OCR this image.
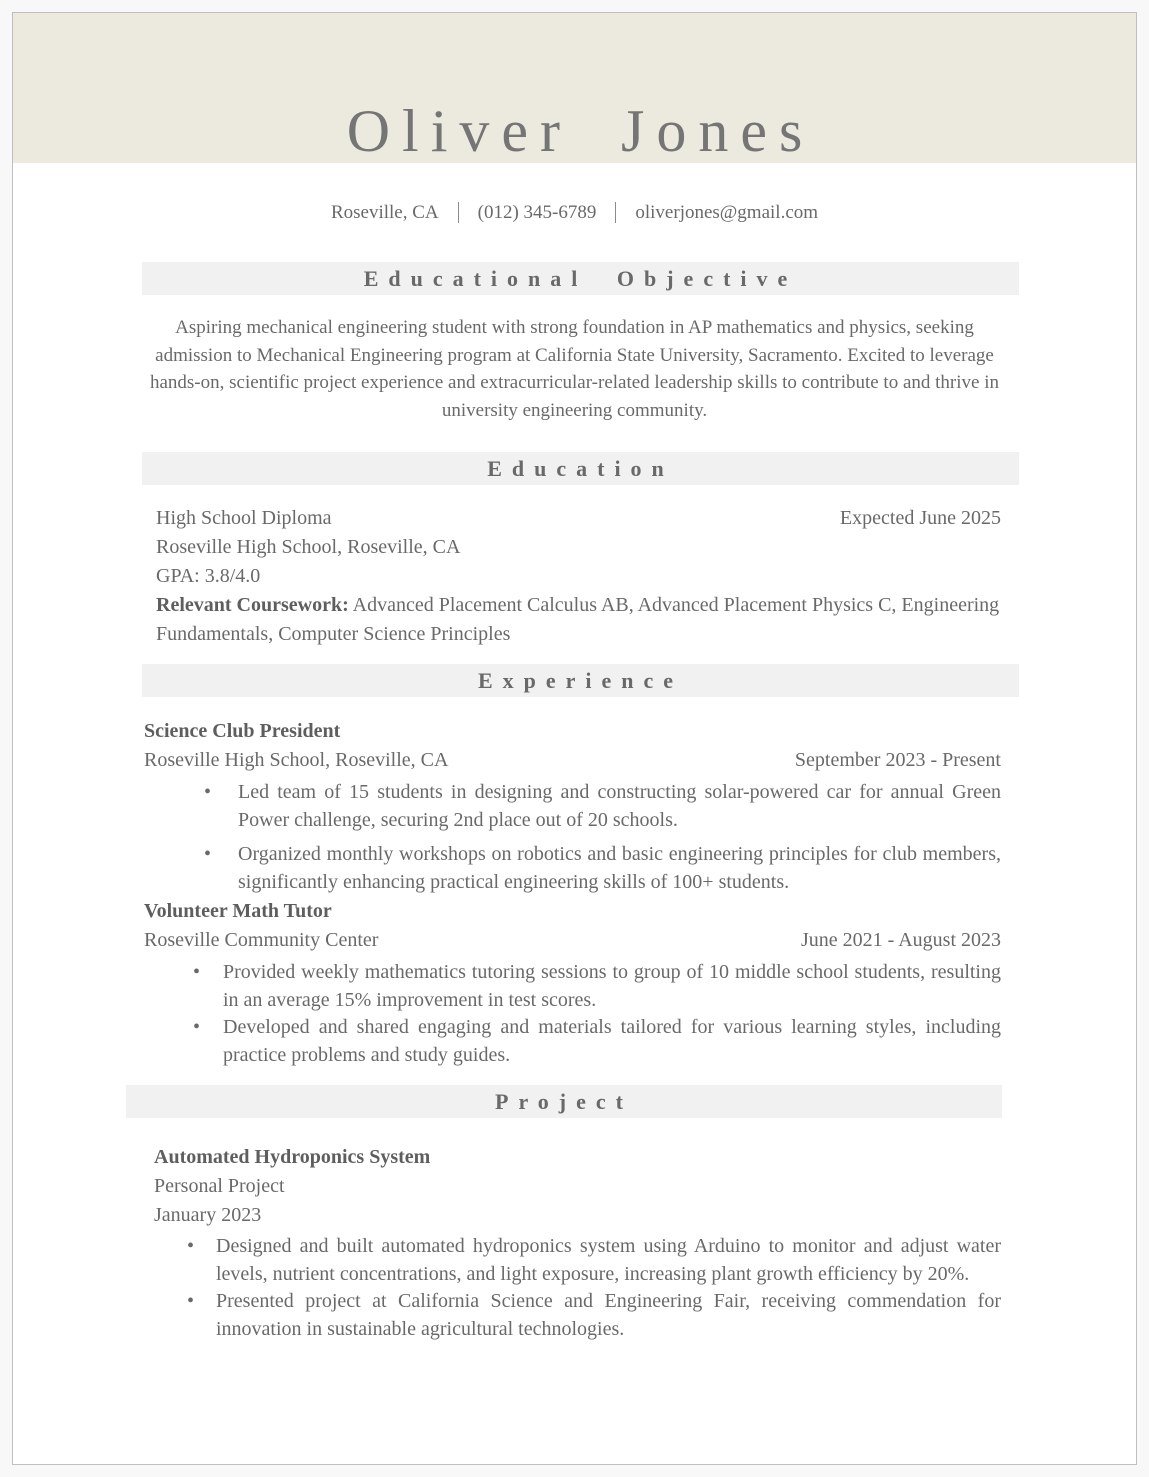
Oliver Jones
Roseville, CA (012) 345-6789 oliverjones@gmail.com
Educational Objective

Aspiring mechanical engineering student with strong foundation in AP mathematics and physics, seeking admission to Mechanical Engineering program at California State University, Sacramento. Excited to leverage hands-on, scientific project experience and extracurricular-related leadership skills to contribute to and thrive in university engineering community.

Education
High School Diploma	Expected June 2025
Roseville High School, Roseville, CA
GPA: 3.8/4.0
Relevant Coursework: Advanced Placement Calculus AB, Advanced Placement Physics C, Engineering Fundamentals, Computer Science Principles
Experience
Science Club President
Roseville High School, Roseville, CA	September 2023 - Present
• Led team of 15 students in designing and constructing solar-powered car for annual Green Power challenge, securing 2nd place out of 20 schools.
• Organized monthly workshops on robotics and basic engineering principles for club members, significantly enhancing practical engineering skills of 100+ students.
Volunteer Math Tutor
Roseville Community Center	June 2021 - August 2023
• Provided weekly mathematics tutoring sessions to group of 10 middle school students, resulting in an average 15% improvement in test scores.
• Developed and shared engaging and materials tailored for various learning styles, including practice problems and study guides.
Project
Automated Hydroponics System
Personal Project
January 2023
• Designed and built automated hydroponics system using Arduino to monitor and adjust water levels, nutrient concentrations, and light exposure, increasing plant growth efficiency by 20%.
• Presented project at California Science and Engineering Fair, receiving commendation for innovation in sustainable agricultural technologies.
